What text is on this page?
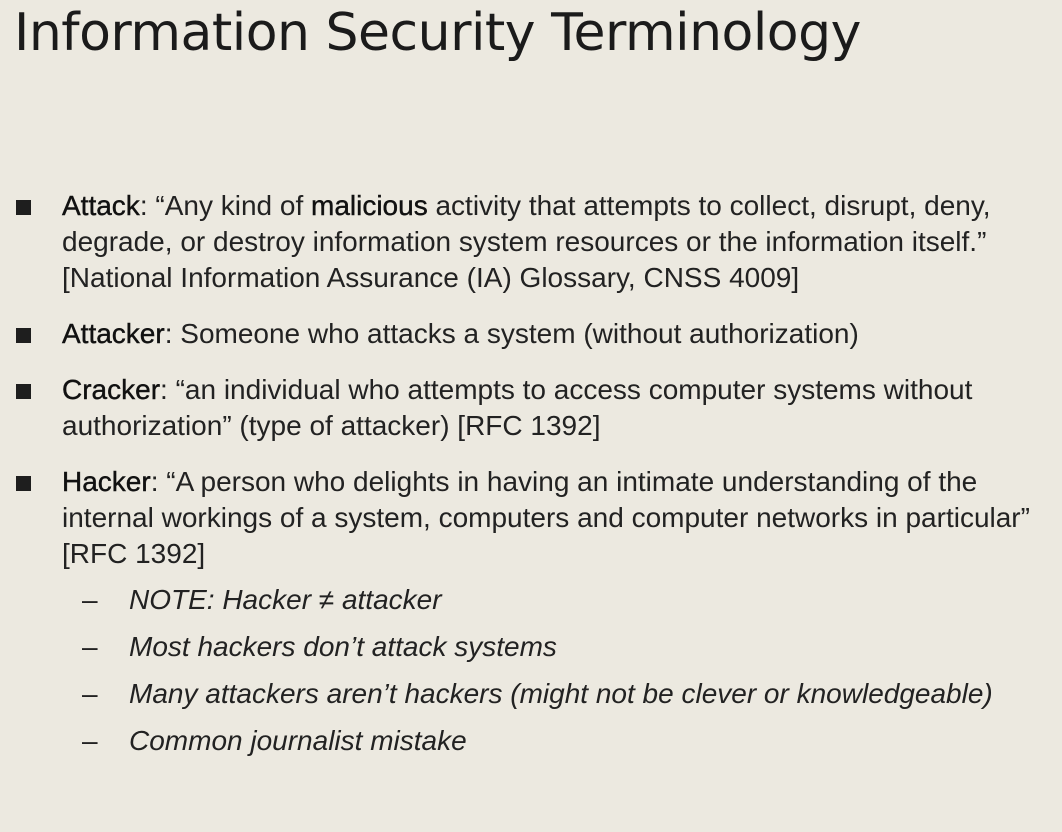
Information Security Terminology
Attack: “Any kind of malicious activity that attempts to collect, disrupt, deny, degrade, or destroy information system resources or the information itself.” [National Information Assurance (IA) Glossary, CNSS 4009]
Attacker: Someone who attacks a system (without authorization)
Cracker: “an individual who attempts to access computer systems without authorization” (type of attacker) [RFC 1392]
Hacker: “A person who delights in having an intimate understanding of the internal workings of a system, computers and computer networks in particular” [RFC 1392]
– NOTE: Hacker ≠ attacker
– Most hackers don’t attack systems
– Many attackers aren’t hackers (might not be clever or knowledgeable)
– Common journalist mistake
